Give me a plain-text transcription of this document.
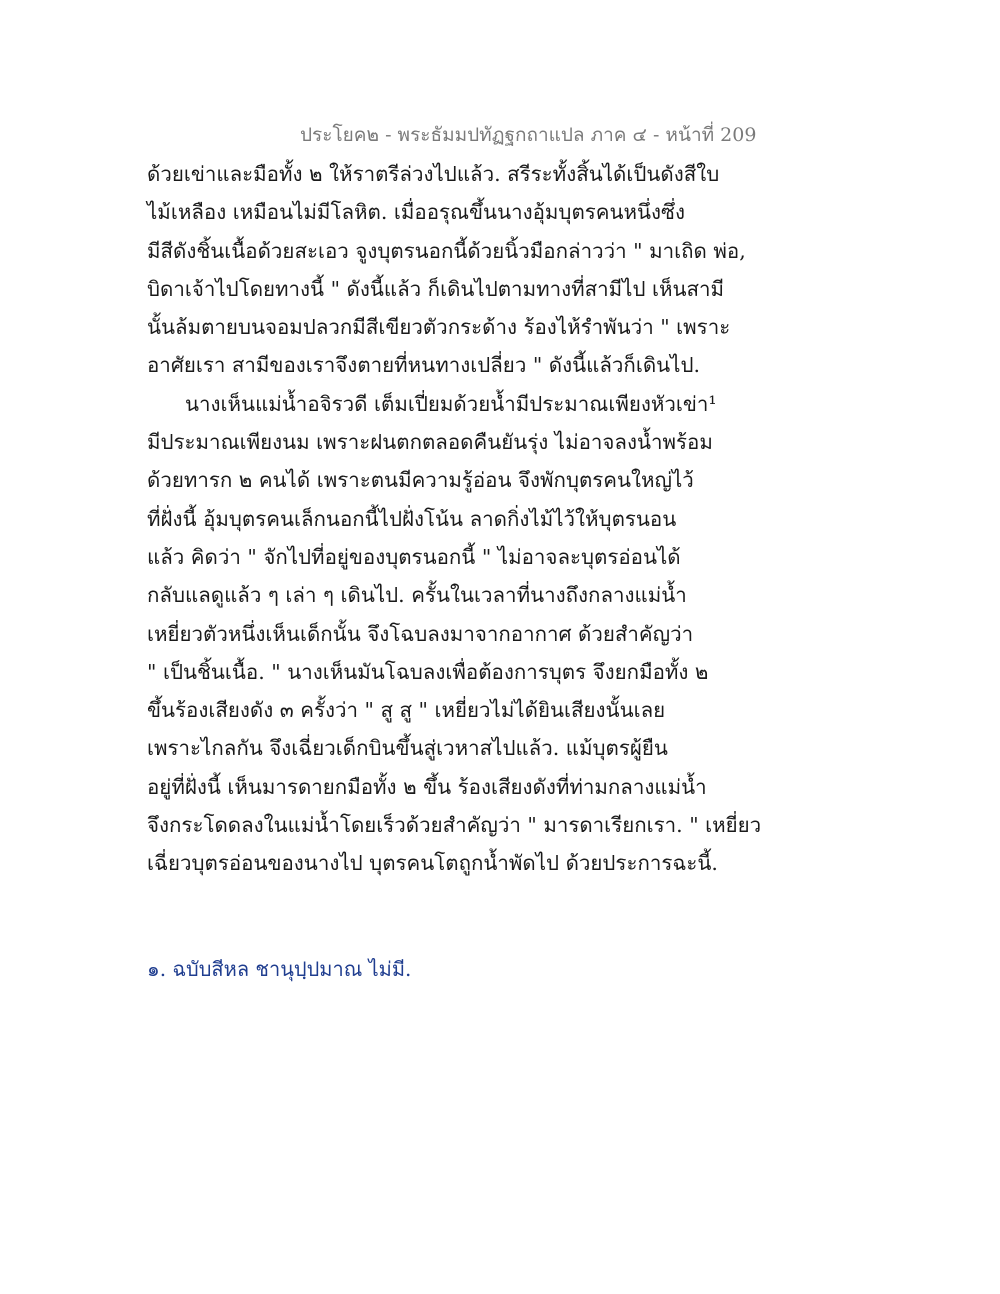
ประโยค๒ - พระธัมมปทัฏฐกถาแปล ภาค ๔ - หน้าที่ 209
ด้วยเข่าและมือทั้ง ๒ ให้ราตรีล่วงไปแล้ว. สรีระทั้งสิ้นได้เป็นดังสีใบ
ไม้เหลือง เหมือนไม่มีโลหิต. เมื่ออรุณขึ้นนางอุ้มบุตรคนหนึ่งซึ่ง
มีสีดังชิ้นเนื้อด้วยสะเอว จูงบุตรนอกนี้ด้วยนิ้วมือกล่าวว่า " มาเถิด พ่อ,
บิดาเจ้าไปโดยทางนี้ " ดังนี้แล้ว ก็เดินไปตามทางที่สามีไป เห็นสามี
นั้นล้มตายบนจอมปลวกมีสีเขียวตัวกระด้าง ร้องไห้รำพันว่า " เพราะ
อาศัยเรา สามีของเราจึงตายที่หนทางเปลี่ยว " ดังนี้แล้วก็เดินไป.
นางเห็นแม่น้ำอจิรวดี เต็มเปี่ยมด้วยน้ำมีประมาณเพียงหัวเข่า¹
มีประมาณเพียงนม เพราะฝนตกตลอดคืนยันรุ่ง ไม่อาจลงน้ำพร้อม
ด้วยทารก ๒ คนได้ เพราะตนมีความรู้อ่อน จึงพักบุตรคนใหญ่ไว้
ที่ฝั่งนี้ อุ้มบุตรคนเล็กนอกนี้ไปฝั่งโน้น ลาดกิ่งไม้ไว้ให้บุตรนอน
แล้ว คิดว่า " จักไปที่อยู่ของบุตรนอกนี้ " ไม่อาจละบุตรอ่อนได้
กลับแลดูแล้ว ๆ เล่า ๆ เดินไป. ครั้นในเวลาที่นางถึงกลางแม่น้ำ
เหยี่ยวตัวหนึ่งเห็นเด็กนั้น จึงโฉบลงมาจากอากาศ ด้วยสำคัญว่า
" เป็นชิ้นเนื้อ. " นางเห็นมันโฉบลงเพื่อต้องการบุตร จึงยกมือทั้ง ๒
ขึ้นร้องเสียงดัง ๓ ครั้งว่า " สู สู " เหยี่ยวไม่ได้ยินเสียงนั้นเลย
เพราะไกลกัน จึงเฉี่ยวเด็กบินขึ้นสู่เวหาสไปแล้ว. แม้บุตรผู้ยืน
อยู่ที่ฝั่งนี้ เห็นมารดายกมือทั้ง ๒ ขึ้น ร้องเสียงดังที่ท่ามกลางแม่น้ำ
จึงกระโดดลงในแม่น้ำโดยเร็วด้วยสำคัญว่า " มารดาเรียกเรา. " เหยี่ยว
เฉี่ยวบุตรอ่อนของนางไป บุตรคนโตถูกน้ำพัดไป ด้วยประการฉะนี้.
๑. ฉบับสีหล ชานุปฺปมาณ ไม่มี.
